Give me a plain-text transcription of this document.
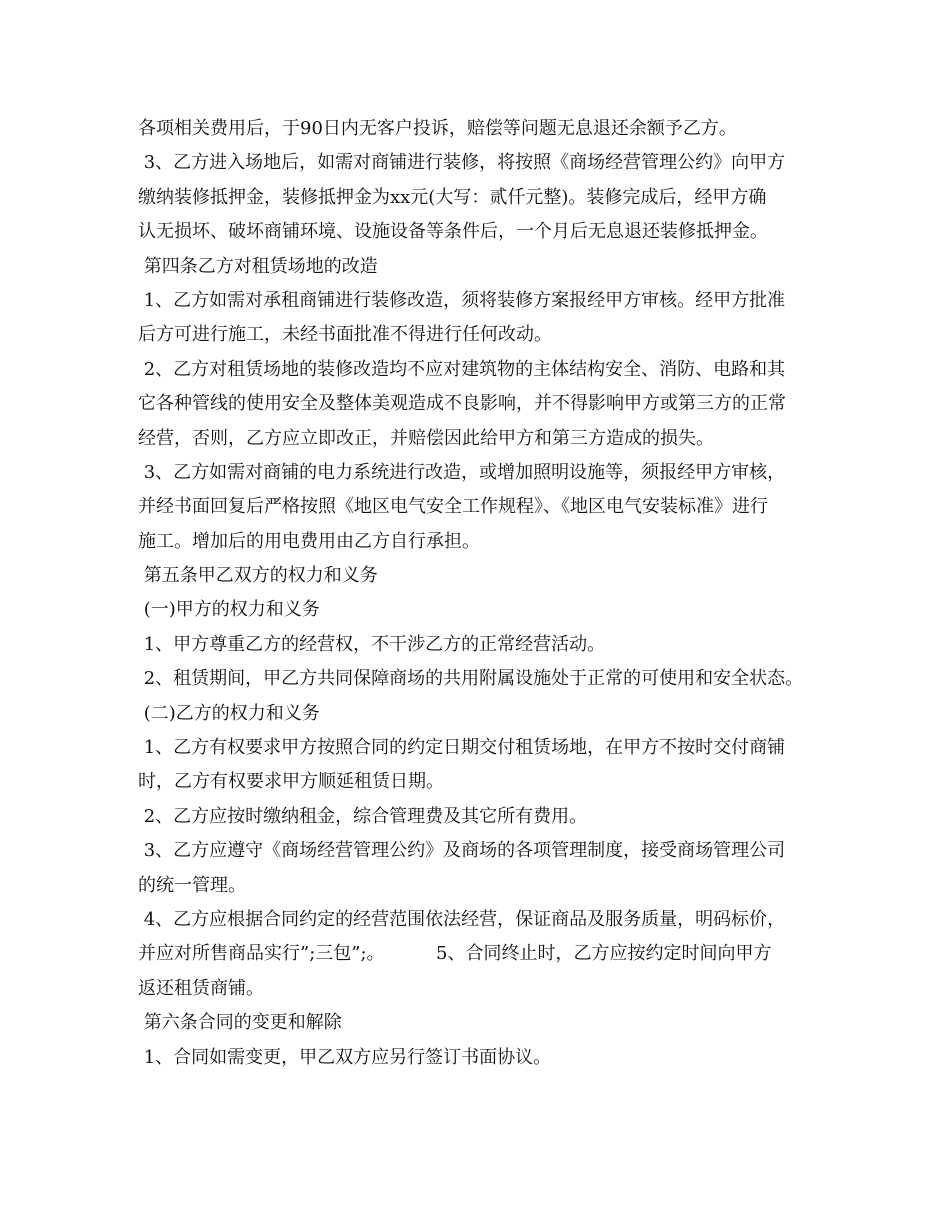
各项相关费用后，于90日内无客户投诉，赔偿等问题无息退还余额予乙方。
3、乙方进入场地后，如需对商铺进行装修，将按照《商场经营管理公约》向甲方
缴纳装修抵押金，装修抵押金为xx元(大写：贰仟元整)。装修完成后，经甲方确
认无损坏、破坏商铺环境、设施设备等条件后，一个月后无息退还装修抵押金。
第四条乙方对租赁场地的改造
1、乙方如需对承租商铺进行装修改造，须将装修方案报经甲方审核。经甲方批准
后方可进行施工，未经书面批准不得进行任何改动。
2、乙方对租赁场地的装修改造均不应对建筑物的主体结构安全、消防、电路和其
它各种管线的使用安全及整体美观造成不良影响，并不得影响甲方或第三方的正常
经营，否则，乙方应立即改正，并赔偿因此给甲方和第三方造成的损失。
3、乙方如需对商铺的电力系统进行改造，或增加照明设施等，须报经甲方审核，
并经书面回复后严格按照《地区电气安全工作规程》、《地区电气安装标准》进行
施工。增加后的用电费用由乙方自行承担。
第五条甲乙双方的权力和义务
(一)甲方的权力和义务
1、甲方尊重乙方的经营权，不干涉乙方的正常经营活动。
2、租赁期间，甲乙方共同保障商场的共用附属设施处于正常的可使用和安全状态。
(二)乙方的权力和义务
1、乙方有权要求甲方按照合同的约定日期交付租赁场地，在甲方不按时交付商铺
时，乙方有权要求甲方顺延租赁日期。
2、乙方应按时缴纳租金，综合管理费及其它所有费用。
3、乙方应遵守《商场经营管理公约》及商场的各项管理制度，接受商场管理公司
的统一管理。
4、乙方应根据合同约定的经营范围依法经营，保证商品及服务质量，明码标价，
并应对所售商品实行”;三包”;。         5、合同终止时，乙方应按约定时间向甲方
返还租赁商铺。
第六条合同的变更和解除
1、合同如需变更，甲乙双方应另行签订书面协议。
